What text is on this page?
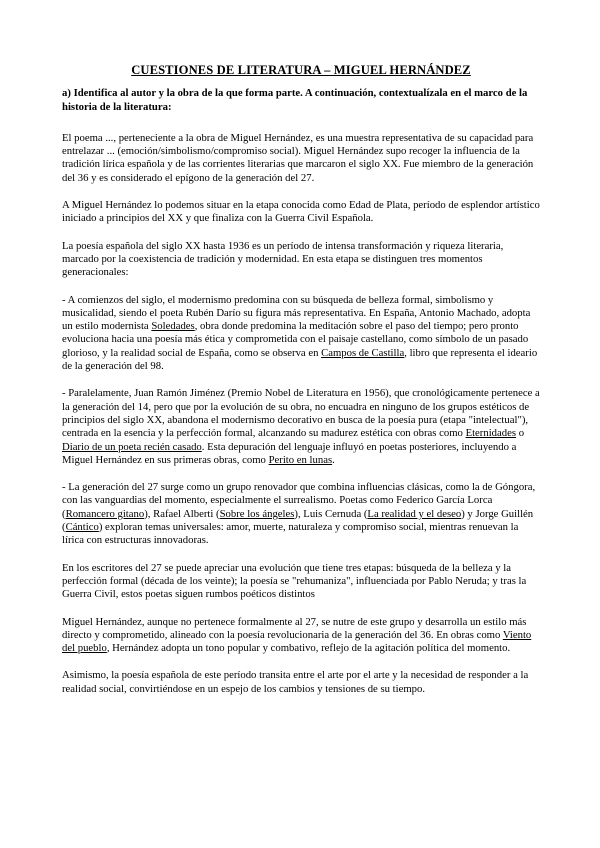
CUESTIONES DE LITERATURA – MIGUEL HERNÁNDEZ
a) Identifica al autor y la obra de la que forma parte. A continuación, contextualízala en el marco de la historia de la literatura:

El poema ..., perteneciente a la obra de Miguel Hernández, es una muestra representativa de su capacidad para entrelazar ... (emoción/simbolismo/compromiso social). Miguel Hernández supo recoger la influencia de la tradición lírica española y de las corrientes literarias que marcaron el siglo XX. Fue miembro de la generación del 36 y es considerado el epígono de la generación del 27.

A Miguel Hernández lo podemos situar en la etapa conocida como Edad de Plata, período de esplendor artístico iniciado a principios del XX y que finaliza con la Guerra Civil Española.

La poesía española del siglo XX hasta 1936 es un período de intensa transformación y riqueza literaria, marcado por la coexistencia de tradición y modernidad. En esta etapa se distinguen tres momentos generacionales:

- A comienzos del siglo, el modernismo predomina con su búsqueda de belleza formal, simbolismo y musicalidad, siendo el poeta Rubén Darío su figura más representativa. En España, Antonio Machado, adopta un estilo modernista Soledades, obra donde predomina la meditación sobre el paso del tiempo; pero pronto evoluciona hacia una poesía más ética y comprometida con el paisaje castellano, como símbolo de un pasado glorioso, y la realidad social de España, como se observa en Campos de Castilla, libro que representa el ideario de la generación del 98.

- Paralelamente, Juan Ramón Jiménez (Premio Nobel de Literatura en 1956), que cronológicamente pertenece a la generación del 14, pero que por la evolución de su obra, no encuadra en ninguno de los grupos estéticos de principios del siglo XX, abandona el modernismo decorativo en busca de la poesía pura (etapa "intelectual"), centrada en la esencia y la perfección formal, alcanzando su madurez estética con obras como Eternidades o Diario de un poeta recién casado. Esta depuración del lenguaje influyó en poetas posteriores, incluyendo a Miguel Hernández en sus primeras obras, como Perito en lunas.

- La generación del 27 surge como un grupo renovador que combina influencias clásicas, como la de Góngora, con las vanguardias del momento, especialmente el surrealismo. Poetas como Federico García Lorca (Romancero gitano), Rafael Alberti (Sobre los ángeles), Luis Cernuda (La realidad y el deseo) y Jorge Guillén (Cántico) exploran temas universales: amor, muerte, naturaleza y compromiso social, mientras renuevan la lírica con estructuras innovadoras.

En los escritores del 27 se puede apreciar una evolución que tiene tres etapas: búsqueda de la belleza y la perfección formal (década de los veinte); la poesía se "rehumaniza", influenciada por Pablo Neruda; y tras la Guerra Civil, estos poetas siguen rumbos poéticos distintos

Miguel Hernández, aunque no pertenece formalmente al 27, se nutre de este grupo y desarrolla un estilo más directo y comprometido, alineado con la poesía revolucionaria de la generación del 36. En obras como Viento del pueblo, Hernández adopta un tono popular y combativo, reflejo de la agitación política del momento.

Asimismo, la poesía española de este período transita entre el arte por el arte y la necesidad de responder a la realidad social, convirtiéndose en un espejo de los cambios y tensiones de su tiempo.
